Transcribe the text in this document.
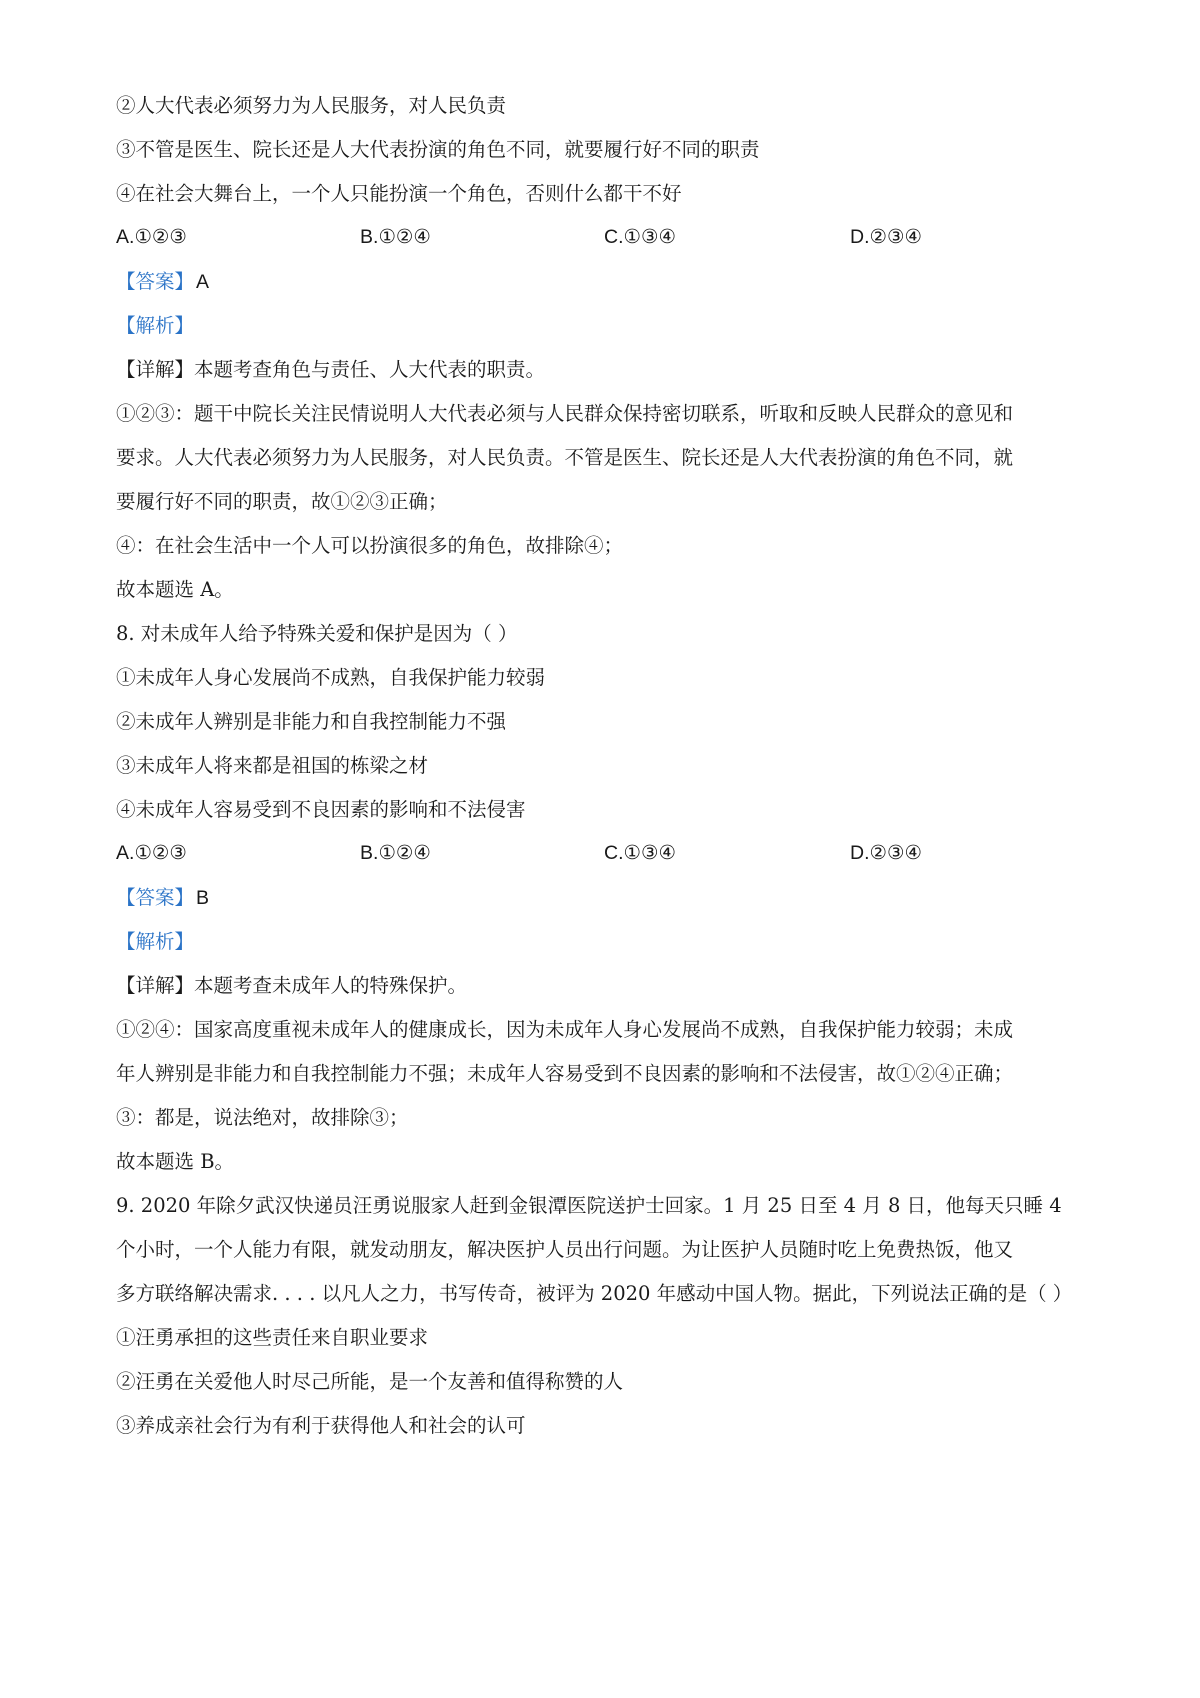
②人大代表必须努力为人民服务，对人民负责
③不管是医生、院长还是人大代表扮演的角色不同，就要履行好不同的职责
④在社会大舞台上，一个人只能扮演一个角色，否则什么都干不好
A.①②③	B.①②④	C.①③④	D.②③④
【答案】 A
【解析】
【详解】本题考查角色与责任、人大代表的职责。
①②③：题干中院长关注民情说明人大代表必须与人民群众保持密切联系，听取和反映人民群众的意见和
要求。人大代表必须努力为人民服务，对人民负责。不管是医生、院长还是人大代表扮演的角色不同，就
要履行好不同的职责，故①②③正确；
④：在社会生活中一个人可以扮演很多的角色，故排除④；
故本题选 A。
8. 对未成年人给予特殊关爱和保护是因为（ ）
①未成年人身心发展尚不成熟，自我保护能力较弱
②未成年人辨别是非能力和自我控制能力不强
③未成年人将来都是祖国的栋梁之材
④未成年人容易受到不良因素的影响和不法侵害
A.①②③	B.①②④	C.①③④	D.②③④
【答案】 B
【解析】
【详解】本题考查未成年人的特殊保护。
①②④：国家高度重视未成年人的健康成长，因为未成年人身心发展尚不成熟，自我保护能力较弱；未成
年人辨别是非能力和自我控制能力不强；未成年人容易受到不良因素的影响和不法侵害，故①②④正确；
③：都是，说法绝对，故排除③；
故本题选 B。
9. 2020 年除夕武汉快递员汪勇说服家人赶到金银潭医院送护士回家。1 月 25 日至 4 月 8 日，他每天只睡 4
个小时，一个人能力有限，就发动朋友，解决医护人员出行问题。为让医护人员随时吃上免费热饭，他又
多方联络解决需求. . . . 以凡人之力，书写传奇，被评为 2020 年感动中国人物。据此，下列说法正确的是（ ）
①汪勇承担的这些责任来自职业要求
②汪勇在关爱他人时尽己所能，是一个友善和值得称赞的人
③养成亲社会行为有利于获得他人和社会的认可
